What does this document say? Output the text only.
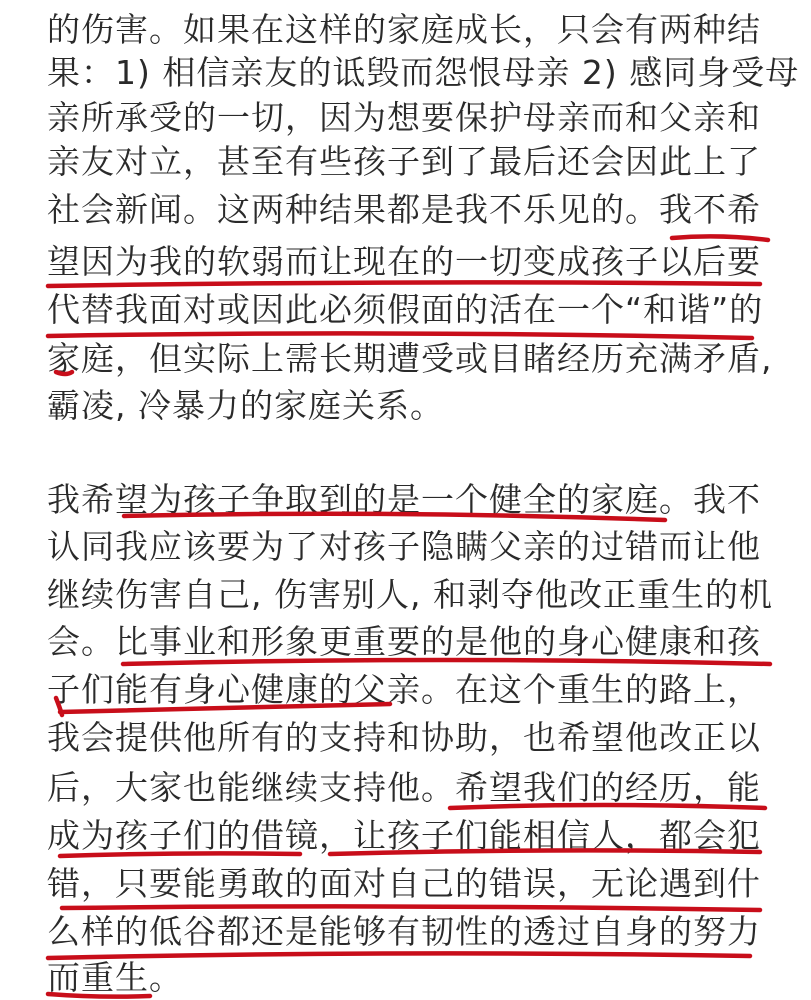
的伤害。如果在这样的家庭成长，只会有两种结
果：1) 相信亲友的诋毁而怨恨母亲 2) 感同身受母
亲所承受的一切，因为想要保护母亲而和父亲和
亲友对立，甚至有些孩子到了最后还会因此上了
社会新闻。这两种结果都是我不乐见的。我不希
望因为我的软弱而让现在的一切变成孩子以后要
代替我面对或因此必须假面的活在一个“和谐”的
家庭，但实际上需长期遭受或目睹经历充满矛盾,
霸凌, 冷暴力的家庭关系。
我希望为孩子争取到的是一个健全的家庭。我不
认同我应该要为了对孩子隐瞒父亲的过错而让他
继续伤害自己, 伤害别人, 和剥夺他改正重生的机
会。比事业和形象更重要的是他的身心健康和孩
子们能有身心健康的父亲。在这个重生的路上，
我会提供他所有的支持和协助，也希望他改正以
后，大家也能继续支持他。希望我们的经历，能
成为孩子们的借镜，让孩子们能相信人，都会犯
错，只要能勇敢的面对自己的错误，无论遇到什
么样的低谷都还是能够有韧性的透过自身的努力
而重生。
